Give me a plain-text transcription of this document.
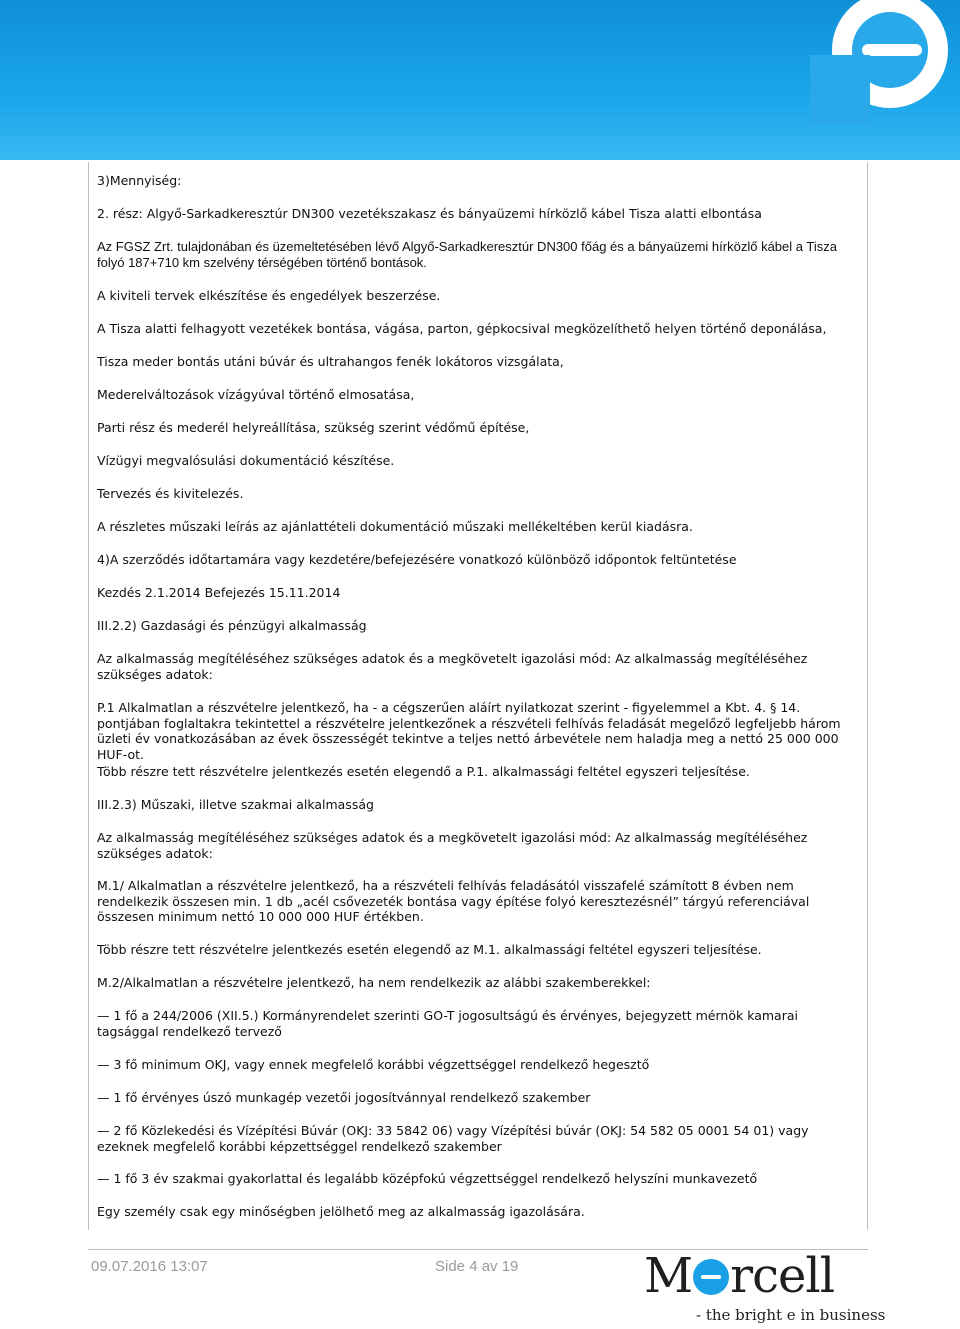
3)Mennyiség:

2. rész: Algyő-Sarkadkeresztúr DN300 vezetékszakasz és bányaüzemi hírközlő kábel Tisza alatti elbontása

Az FGSZ Zrt. tulajdonában és üzemeltetésében lévő Algyő-Sarkadkeresztúr DN300 főág és a bányaüzemi hírközlő kábel a Tisza folyó 187+710 km szelvény térségében történő bontások.

A kiviteli tervek elkészítése és engedélyek beszerzése.

A Tisza alatti felhagyott vezetékek bontása, vágása, parton, gépkocsival megközelíthető helyen történő deponálása,

Tisza meder bontás utáni búvár és ultrahangos fenék lokátoros vizsgálata,

Mederelváltozások vízágyúval történő elmosatása,

Parti rész és mederél helyreállítása, szükség szerint védőmű építése,

Vízügyi megvalósulási dokumentáció készítése.

Tervezés és kivitelezés.

A részletes műszaki leírás az ajánlattételi dokumentáció műszaki mellékeltében kerül kiadásra.

4)A szerződés időtartamára vagy kezdetére/befejezésére vonatkozó különböző időpontok feltüntetése

Kezdés 2.1.2014 Befejezés 15.11.2014

III.2.2) Gazdasági és pénzügyi alkalmasság

Az alkalmasság megítéléséhez szükséges adatok és a megkövetelt igazolási mód: Az alkalmasság megítéléséhez szükséges adatok:

P.1 Alkalmatlan a részvételre jelentkező, ha - a cégszerűen aláírt nyilatkozat szerint - figyelemmel a Kbt. 4. § 14. pontjában foglaltakra tekintettel a részvételre jelentkezőnek a részvételi felhívás feladását megelőző legfeljebb három üzleti év vonatkozásában az évek összességét tekintve a teljes nettó árbevétele nem haladja meg a nettó 25 000 000 HUF-ot.

Több részre tett részvételre jelentkezés esetén elegendő a P.1. alkalmassági feltétel egyszeri teljesítése.

III.2.3) Műszaki, illetve szakmai alkalmasság

Az alkalmasság megítéléséhez szükséges adatok és a megkövetelt igazolási mód: Az alkalmasság megítéléséhez szükséges adatok:

M.1/ Alkalmatlan a részvételre jelentkező, ha a részvételi felhívás feladásától visszafelé számított 8 évben nem rendelkezik összesen min. 1 db „acél csővezeték bontása vagy építése folyó keresztezésnél” tárgyú referenciával összesen minimum nettó 10 000 000 HUF értékben.

Több részre tett részvételre jelentkezés esetén elegendő az M.1. alkalmassági feltétel egyszeri teljesítése.

M.2/Alkalmatlan a részvételre jelentkező, ha nem rendelkezik az alábbi szakemberekkel:

— 1 fő a 244/2006 (XII.5.) Kormányrendelet szerinti GO-T jogosultságú és érvényes, bejegyzett mérnök kamarai tagsággal rendelkező tervező

— 3 fő minimum OKJ, vagy ennek megfelelő korábbi végzettséggel rendelkező hegesztő

— 1 fő érvényes úszó munkagép vezetői jogosítvánnyal rendelkező szakember

— 2 fő Közlekedési és Vízépítési Búvár (OKJ: 33 5842 06) vagy Vízépítési búvár (OKJ: 54 582 05 0001 54 01) vagy ezeknek megfelelő korábbi képzettséggel rendelkező szakember

— 1 fő 3 év szakmai gyakorlattal és legalább középfokú végzettséggel rendelkező helyszíni munkavezető

Egy személy csak egy minőségben jelölhető meg az alkalmasság igazolására.

09.07.2016 13:07	Side 4 av 19	M rcell
- the bright e in business
